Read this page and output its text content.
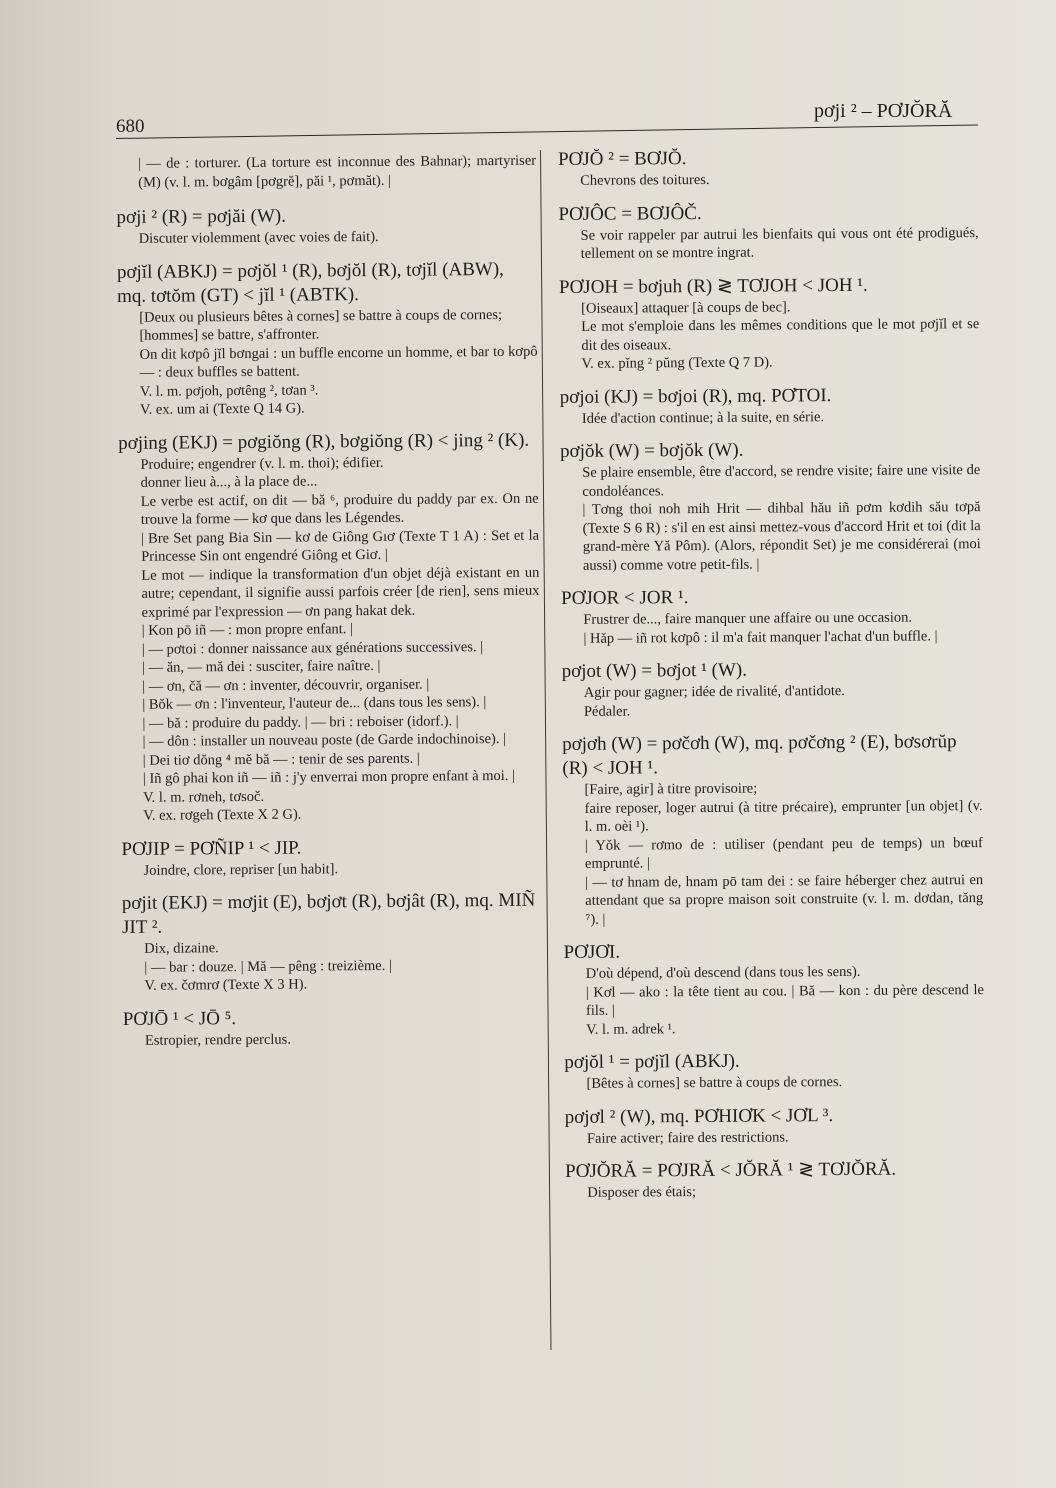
680
pơji ² – PƠJŎRĂ
| — de : torturer. (La torture est inconnue des Bahnar); martyriser (M) (v. l. m. bơgâm [pơgrĕ], păi ¹, pơmăt). |
pơji ² (R) = pơjăi (W).
Discuter violemment (avec voies de fait).
pơjĭl (ABKJ) = pơjŏl ¹ (R), bơjŏl (R), tơjĭl (ABW), mq. tơtŏm (GT) < jĭl ¹ (ABTK).
[Deux ou plusieurs bêtes à cornes] se battre à coups de cornes;
[hommes] se battre, s'affronter.
On dit kơpô jĭl bơngai : un buffle encorne un homme, et bar to kơpô — : deux buffles se battent.
V. l. m. pơjoh, pơtêng ², tơan ³.
V. ex. um ai (Texte Q 14 G).
pơjing (EKJ) = pơgiŏng (R), bơgiŏng (R) < jing ² (K).
Produire; engendrer (v. l. m. thoi); édifier.
donner lieu à..., à la place de...
Le verbe est actif, on dit — bă ⁶, produire du paddy par ex. On ne trouve la forme — kơ que dans les Légendes.
| Bre Set pang Bia Sin — kơ de Giông Gıơ (Texte T 1 A) : Set et la Princesse Sin ont engendré Giông et Giơ. |
Le mot — indique la transformation d'un objet déjà existant en un autre; cependant, il signifie aussi parfois créer [de rien], sens mieux exprimé par l'expression — ơn pang hakat dek.
| Kon pō iñ — : mon propre enfant. |
| — pơtoi : donner naissance aux générations successives. |
| — ăn, — mă dei : susciter, faire naître. |
| — ơn, čă — ơn : inventer, découvrir, organiser. |
| Bŏk — ơn : l'inventeur, l'auteur de... (dans tous les sens). |
| — bă : produire du paddy. | — bri : reboiser (idorf.). |
| — dôn : installer un nouveau poste (de Garde indochinoise). |
| Dei tiơ dŏng ⁴ mĕ bă — : tenir de ses parents. |
| Iñ gô phai kon iñ — iñ : j'y enverrai mon propre enfant à moi. |
V. l. m. rơneh, tơsoč.
V. ex. rơgeh (Texte X 2 G).
PƠJIP = PƠÑIP ¹ < JIP.
Joindre, clore, repriser [un habit].
pơjit (EKJ) = mơjit (E), bơjơt (R), bơjât (R), mq. MIÑ JIT ².
Dix, dizaine.
| — bar : douze. | Mă — pêng : treizième. |
V. ex. čơmrơ (Texte X 3 H).
PƠJŌ ¹ < JŌ ⁵.
Estropier, rendre perclus.
PƠJŎ ² = BƠJŎ.
Chevrons des toitures.
PƠJÔC = BƠJÔČ.
Se voir rappeler par autrui les bienfaits qui vous ont été prodigués, tellement on se montre ingrat.
PƠJOH = bơjuh (R) ≷ TƠJOH < JOH ¹.
[Oiseaux] attaquer [à coups de bec].
Le mot s'emploie dans les mêmes conditions que le mot pơjĭl et se dit des oiseaux.
V. ex. pĭng ² pŭng (Texte Q 7 D).
pơjoi (KJ) = bơjoi (R), mq. PƠTOI.
Idée d'action continue; à la suite, en série.
pơjŏk (W) = bơjŏk (W).
Se plaire ensemble, être d'accord, se rendre visite; faire une visite de condoléances.
| Tơng thoi noh mih Hrit — dihbal hău iñ pơm kơdih său tơpă (Texte S 6 R) : s'il en est ainsi mettez-vous d'accord Hrit et toi (dit la grand-mère Yă Pôm). (Alors, répondit Set) je me considérerai (moi aussi) comme votre petit-fils. |
PƠJOR < JOR ¹.
Frustrer de..., faire manquer une affaire ou une occasion.
| Hăp — iñ rot kơpô : il m'a fait manquer l'achat d'un buffle. |
pơjot (W) = bơjot ¹ (W).
Agir pour gagner; idée de rivalité, d'antidote.
Pédaler.
pơjơh (W) = pơčơh (W), mq. pơčơng ² (E), bơsơrŭp (R) < JOH ¹.
[Faire, agir] à titre provisoire;
faire reposer, loger autrui (à titre précaire), emprunter [un objet] (v. l. m. oèi ¹).
| Yŏk — rơmo de : utiliser (pendant peu de temps) un bœuf emprunté. |
| — tơ hnam de, hnam pō tam dei : se faire héberger chez autrui en attendant que sa propre maison soit construite (v. l. m. dơdan, tăng ⁷). |
PƠJƠI.
D'où dépend, d'où descend (dans tous les sens).
| Kơl — ako : la tête tient au cou. | Bă — kon : du père descend le fils. |
V. l. m. adrek ¹.
pơjŏl ¹ = pơjĭl (ABKJ).
[Bêtes à cornes] se battre à coups de cornes.
pơjơl ² (W), mq. PƠHIƠK < JƠL ³.
Faire activer; faire des restrictions.
PƠJŎRĂ = PƠJRĂ < JŎRĂ ¹ ≷ TƠJŎRĂ.
Disposer des étais;
